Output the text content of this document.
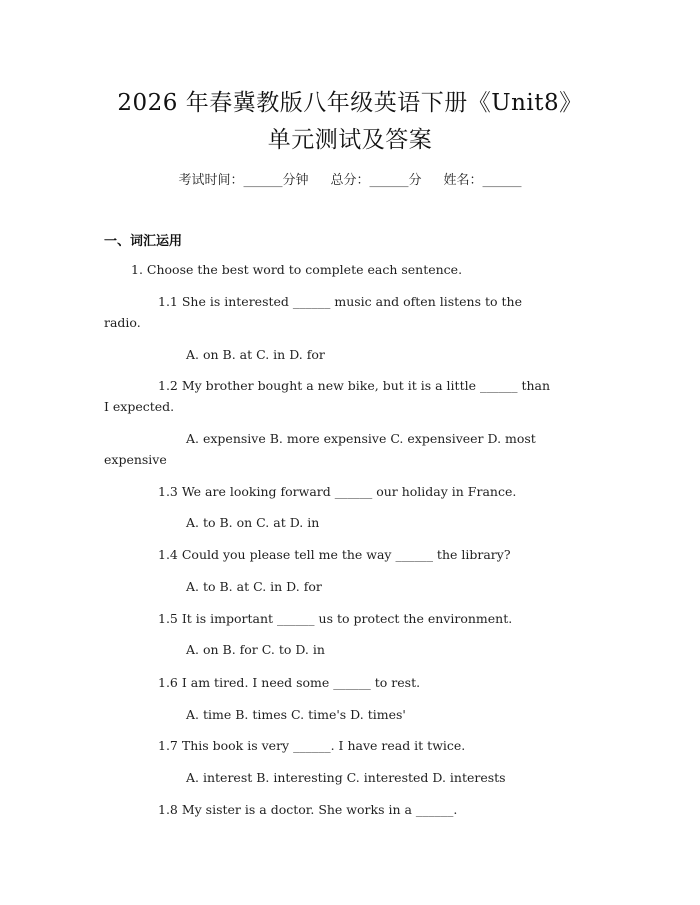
2026 年春冀教版八年级英语下册《Unit8》
单元测试及答案
考试时间：______分钟 总分：______分 姓名：______
一、词汇运用
1. Choose the best word to complete each sentence.
1.1 She is interested ______ music and often listens to the
radio.
A. on B. at C. in D. for
1.2 My brother bought a new bike, but it is a little ______ than
I expected.
A. expensive B. more expensive C. expensiveer D. most
expensive
1.3 We are looking forward ______ our holiday in France.
A. to B. on C. at D. in
1.4 Could you please tell me the way ______ the library?
A. to B. at C. in D. for
1.5 It is important ______ us to protect the environment.
A. on B. for C. to D. in
1.6 I am tired. I need some ______ to rest.
A. time B. times C. time's D. times'
1.7 This book is very ______. I have read it twice.
A. interest B. interesting C. interested D. interests
1.8 My sister is a doctor. She works in a ______.
